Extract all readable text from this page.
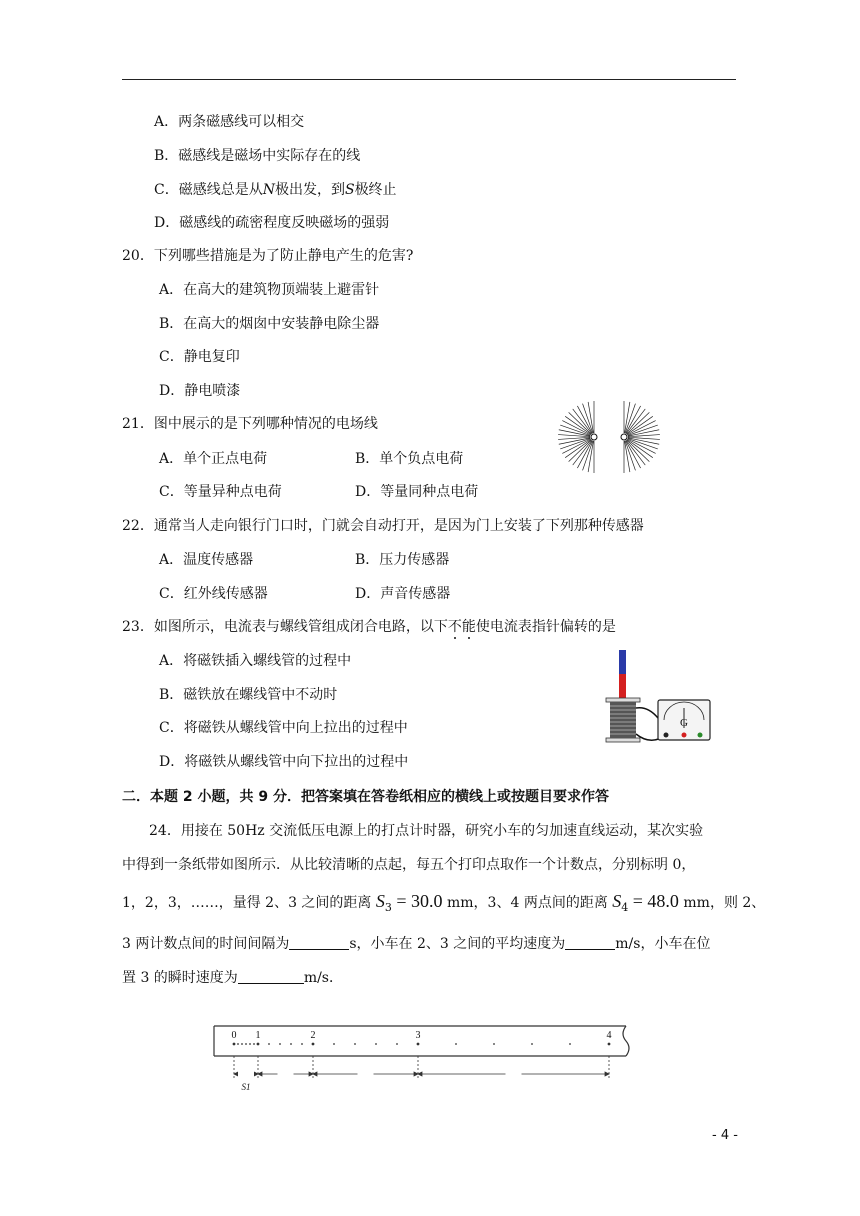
A．两条磁感线可以相交
B．磁感线是磁场中实际存在的线
C．磁感线总是从N极出发，到S极终止
D．磁感线的疏密程度反映磁场的强弱
20．下列哪些措施是为了防止静电产生的危害?
A．在高大的建筑物顶端装上避雷针
B．在高大的烟囱中安装静电除尘器
C．静电复印
D．静电喷漆
21．图中展示的是下列哪种情况的电场线
A．单个正点电荷	B．单个负点电荷
C．等量异种点电荷	D．等量同种点电荷
22．通常当人走向银行门口时，门就会自动打开，是因为门上安装了下列那种传感器
A．温度传感器	B．压力传感器
C．红外线传感器	D．声音传感器
23．如图所示，电流表与螺线管组成闭合电路，以下不能使电流表指针偏转的是
A．将磁铁插入螺线管的过程中
B．磁铁放在螺线管中不动时
C．将磁铁从螺线管中向上拉出的过程中
D．将磁铁从螺线管中向下拉出的过程中
G
二．本题 2 小题，共 9 分．把答案填在答卷纸相应的横线上或按题目要求作答
24．用接在 50Hz 交流低压电源上的打点计时器，研究小车的匀加速直线运动，某次实验
中得到一条纸带如图所示．从比较清晰的点起，每五个打印点取作一个计数点，分别标明 0，
1，2，3，……，量得 2、3 之间的距离 $S_3 = 30.0$ mm，3、4 两点间的距离 $S_4 = 48.0$ mm，则 2、
3 两计数点间的时间间隔为	s，小车在 2、3 之间的平均速度为	m/s，小车在位
置 3 的瞬时速度为	m/s．
0 1	2	3	4
S1
- 4 -
